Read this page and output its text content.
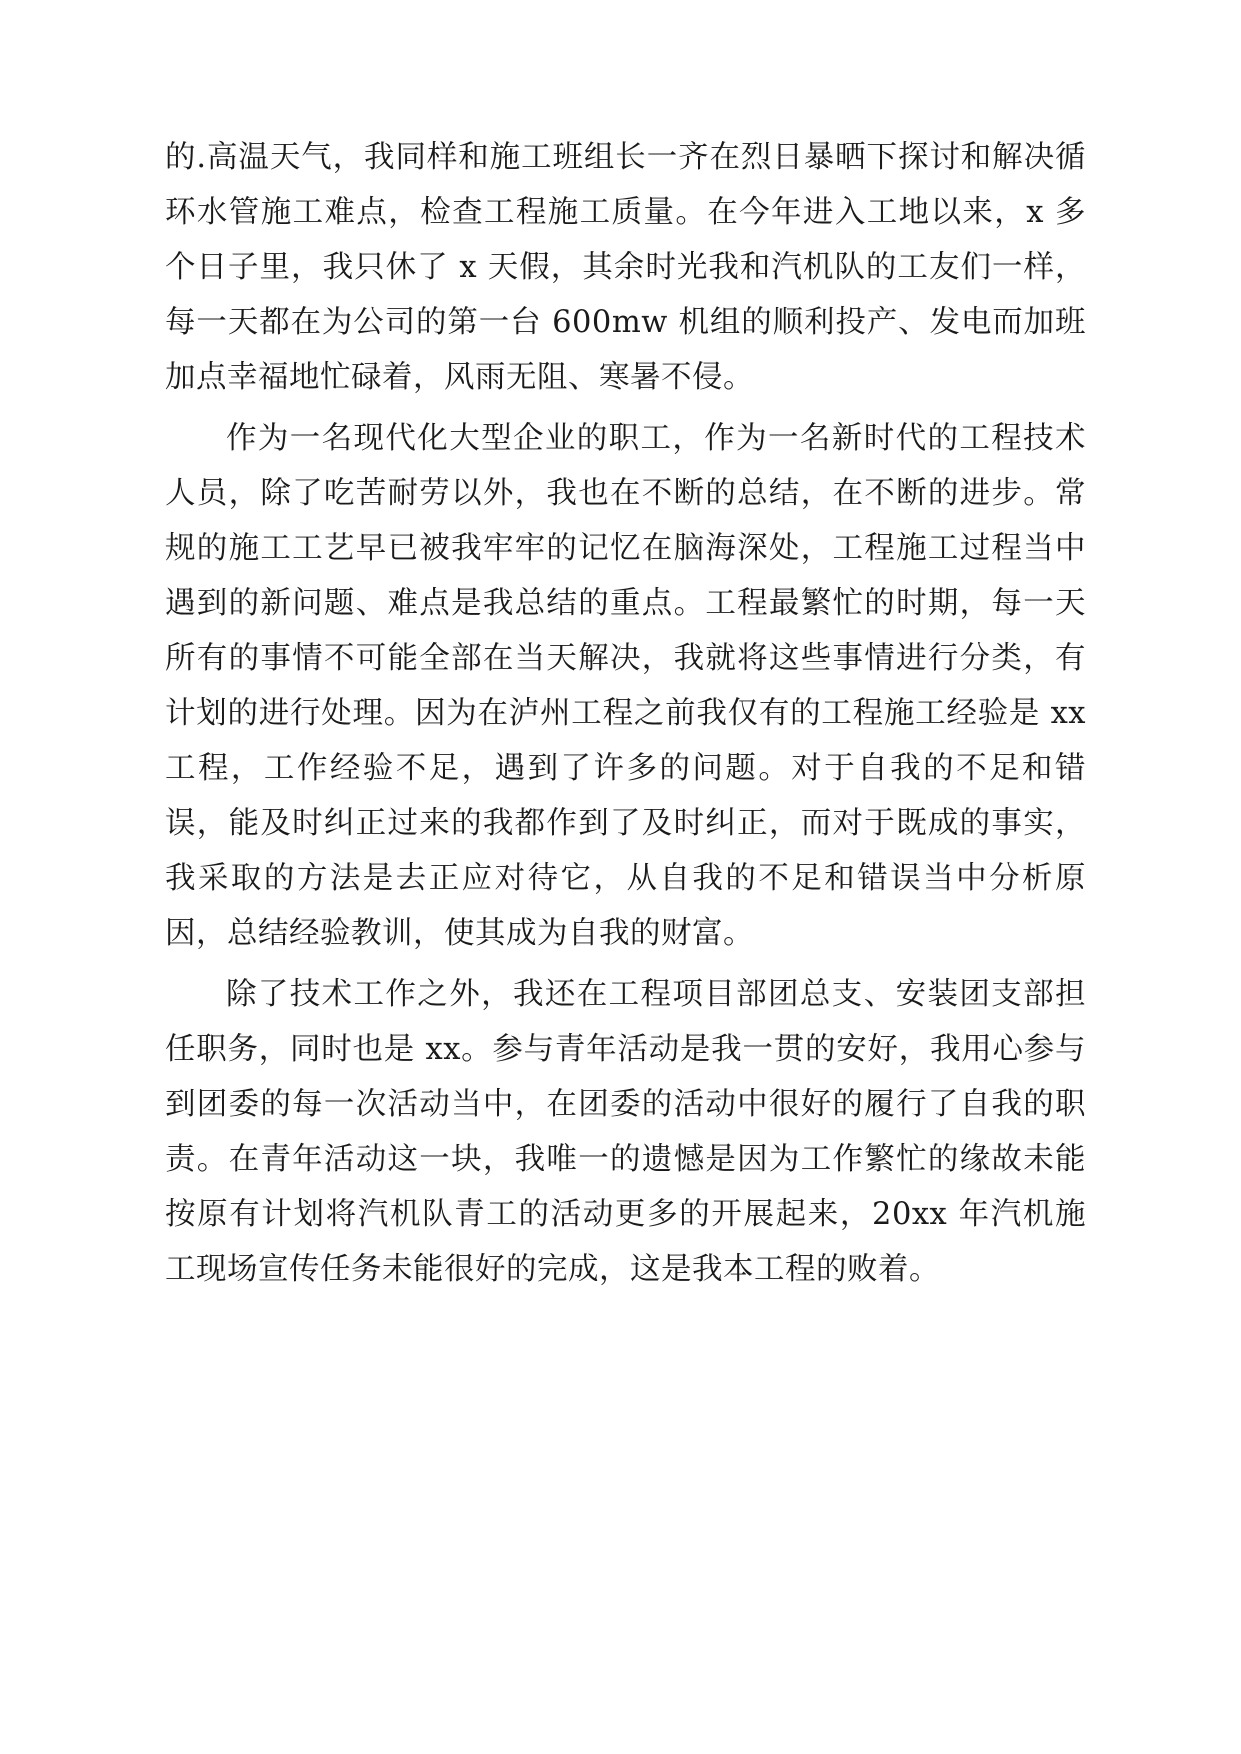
的.高温天气，我同样和施工班组长一齐在烈日暴晒下探讨和解决循环水管施工难点，检查工程施工质量。在今年进入工地以来，x 多个日子里，我只休了 x 天假，其余时光我和汽机队的工友们一样，每一天都在为公司的第一台 600mw 机组的顺利投产、发电而加班加点幸福地忙碌着，风雨无阻、寒暑不侵。

作为一名现代化大型企业的职工，作为一名新时代的工程技术人员，除了吃苦耐劳以外，我也在不断的总结，在不断的进步。常规的施工工艺早已被我牢牢的记忆在脑海深处，工程施工过程当中遇到的新问题、难点是我总结的重点。工程最繁忙的时期，每一天所有的事情不可能全部在当天解决，我就将这些事情进行分类，有计划的进行处理。因为在泸州工程之前我仅有的工程施工经验是 xx 工程，工作经验不足，遇到了许多的问题。对于自我的不足和错误，能及时纠正过来的我都作到了及时纠正，而对于既成的事实，我采取的方法是去正应对待它，从自我的不足和错误当中分析原因，总结经验教训，使其成为自我的财富。

除了技术工作之外，我还在工程项目部团总支、安装团支部担任职务，同时也是 xx。参与青年活动是我一贯的安好，我用心参与到团委的每一次活动当中，在团委的活动中很好的履行了自我的职责。在青年活动这一块，我唯一的遗憾是因为工作繁忙的缘故未能按原有计划将汽机队青工的活动更多的开展起来，20xx 年汽机施工现场宣传任务未能很好的完成，这是我本工程的败着。
